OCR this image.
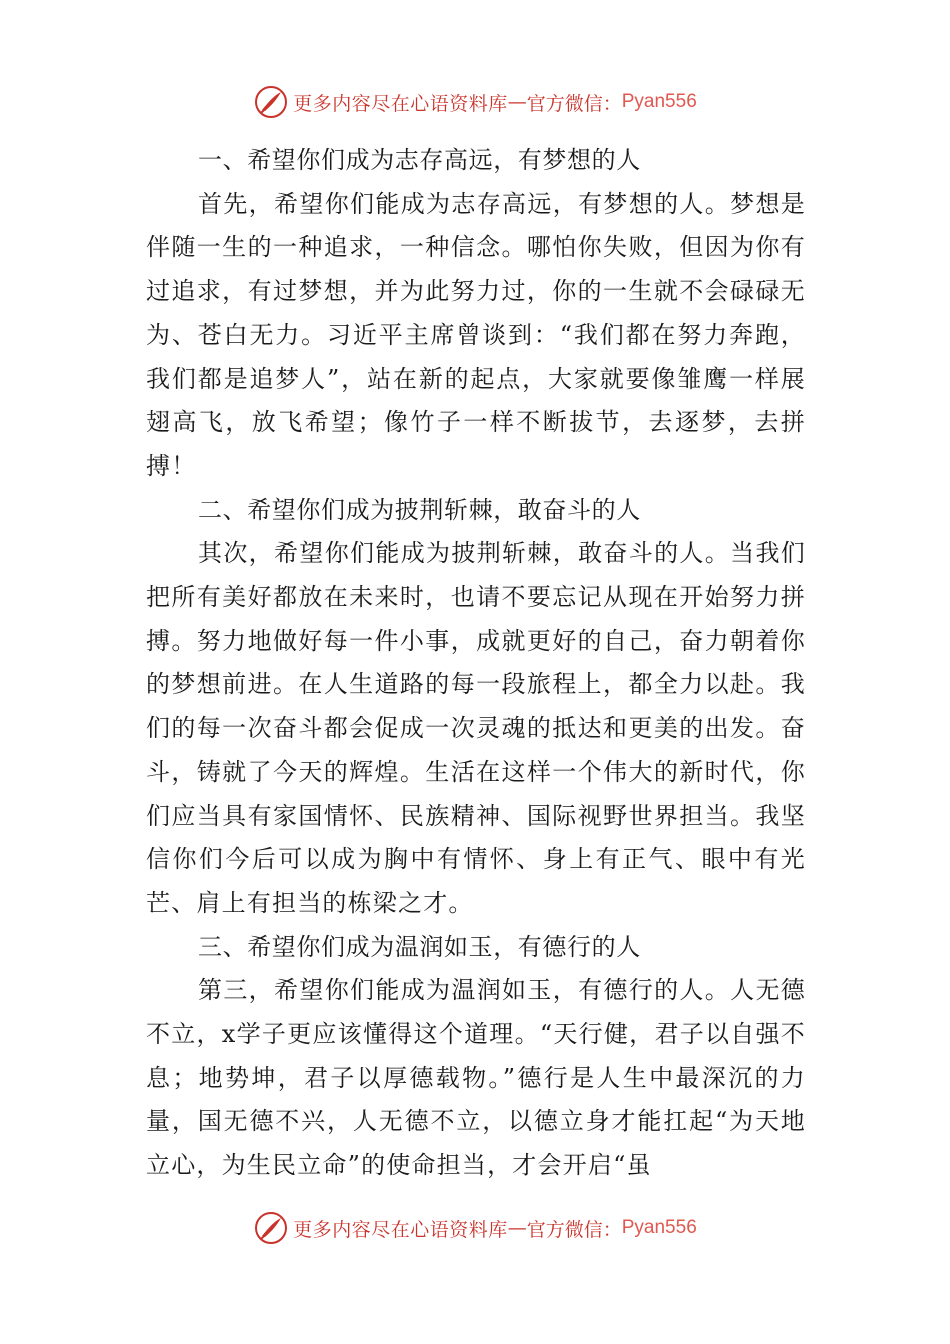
更多内容尽在心语资料库 — 官方微信： Pyan556

一、希望你们成为志存高远，有梦想的人

首先，希望你们能成为志存高远，有梦想的人。梦想是伴随一生的一种追求，一种信念。哪怕你失败，但因为你有过追求，有过梦想，并为此努力过，你的一生就不会碌碌无为、苍白无力。习近平主席曾谈到：“我们都在努力奔跑，我们都是追梦人”，站在新的起点，大家就要像雏鹰一样展翅高飞，放飞希望；像竹子一样不断拔节，去逐梦，去拼搏！

二、希望你们成为披荆斩棘，敢奋斗的人

其次，希望你们能成为披荆斩棘，敢奋斗的人。当我们把所有美好都放在未来时，也请不要忘记从现在开始努力拼搏。努力地做好每一件小事，成就更好的自己，奋力朝着你的梦想前进。在人生道路的每一段旅程上，都全力以赴。我们的每一次奋斗都会促成一次灵魂的抵达和更美的出发。奋斗，铸就了今天的辉煌。生活在这样一个伟大的新时代，你们应当具有家国情怀、民族精神、国际视野世界担当。我坚信你们今后可以成为胸中有情怀、身上有正气、眼中有光芒、肩上有担当的栋梁之才。

三、希望你们成为温润如玉，有德行的人

第三，希望你们能成为温润如玉，有德行的人。人无德不立，x学子更应该懂得这个道理。“天行健，君子以自强不息；地势坤，君子以厚德载物。”德行是人生中最深沉的力量，国无德不兴，人无德不立，以德立身才能扛起“为天地立心，为生民立命”的使命担当，才会开启“虽

更多内容尽在心语资料库 — 官方微信： Pyan556
